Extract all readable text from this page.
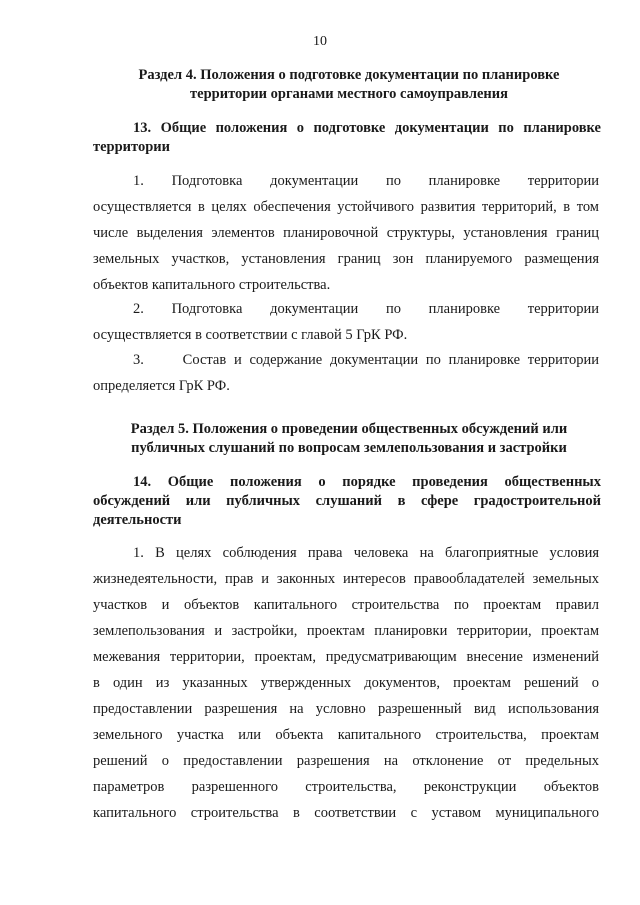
10
Раздел 4. Положения о подготовке документации по планировке
территории органами местного самоуправления
13. Общие положения о подготовке документации по планировке
территории
1.     Подготовка     документации     по     планировке     территории
осуществляется в целях обеспечения устойчивого развития территорий, в том
числе выделения элементов планировочной структуры, установления границ
земельных участков, установления границ зон планируемого размещения
объектов капитального строительства.
2.     Подготовка     документации     по     планировке     территории
осуществляется в соответствии с главой 5 ГрК РФ.
3.     Состав и содержание документации по планировке территории
определяется ГрК РФ.
Раздел 5. Положения о проведении общественных обсуждений или
публичных слушаний по вопросам землепользования и застройки
14. Общие положения о порядке проведения общественных
обсуждений или публичных слушаний в сфере градостроительной
деятельности
1. В целях соблюдения права человека на благоприятные условия
жизнедеятельности, прав и законных интересов правообладателей земельных
участков и объектов капитального строительства по проектам правил
землепользования и застройки, проектам планировки территории, проектам
межевания территории, проектам, предусматривающим внесение изменений
в один из указанных утвержденных документов, проектам решений о
предоставлении разрешения на условно разрешенный вид использования
земельного участка или объекта капитального строительства, проектам
решений о предоставлении разрешения на отклонение от предельных
параметров разрешенного строительства, реконструкции объектов
капитального строительства в соответствии с уставом муниципального
